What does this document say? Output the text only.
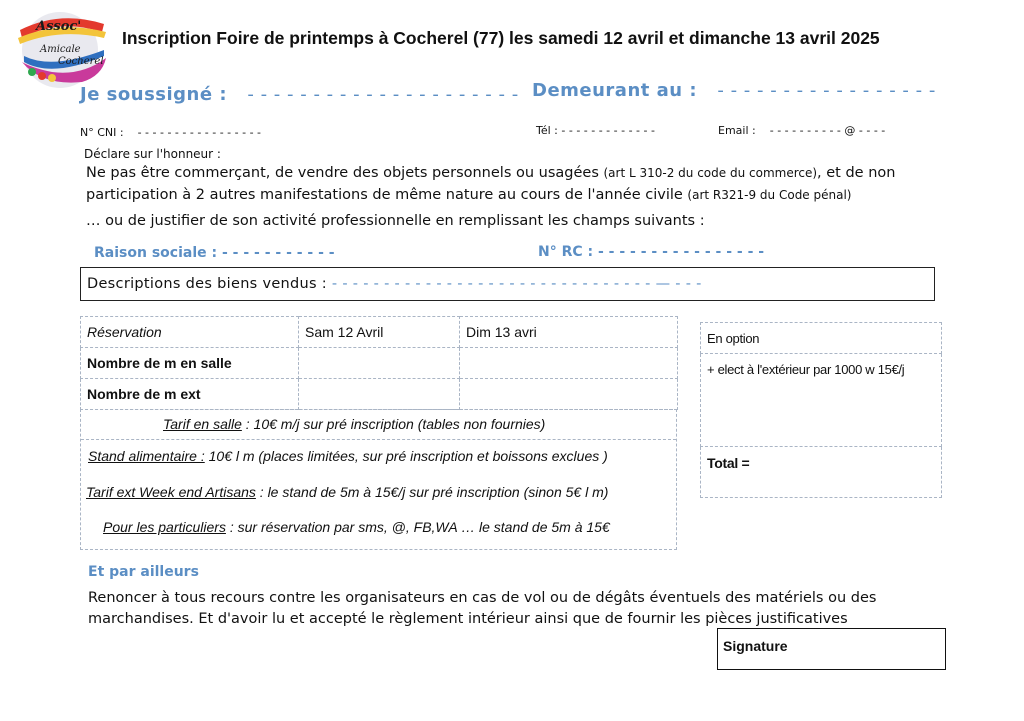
Assoc'
Amicale
Cocherel
Inscription Foire de printemps à Cocherel (77) les samedi 12 avril et dimanche 13 avril 2025
Je soussigné : - - - - - - - - - - - - - - - - - - - - - Demeurant au : - - - - - - - - - - - - - - - - -
N° CNI : - - - - - - - - - - - - - - - - -	Tél : - - - - - - - - - - - - -	Email : - - - - - - - - - - @ - - - -
Déclare sur l'honneur :
Ne pas être commerçant, de vendre des objets personnels ou usagées (art L 310-2 du code du commerce), et de non participation à 2 autres manifestations de même nature au cours de l'année civile (art R321-9 du Code pénal)
… ou de justifier de son activité professionnelle en remplissant les champs suivants :
Raison sociale : - - - - - - - - - - -	N° RC : - - - - - - - - - - - - - - - -
Descriptions des biens vendus : - - - - - - - - - - - - - - - - - - - - - - - - - - - - - - - — - - -
Réservation	Sam 12 Avril	Dim 13 avri
Nombre de m en salle		
Nombre de m ext		
Tarif en salle : 10€ m/j sur pré inscription (tables non fournies)
Stand alimentaire : 10€ l m (places limitées, sur pré inscription et boissons exclues )
Tarif ext Week end Artisans : le stand de 5m à 15€/j sur pré inscription (sinon 5€ l m)
Pour les particuliers : sur réservation par sms, @, FB,WA … le stand de 5m à 15€
En option
+ elect à l'extérieur par 1000 w 15€/j
Total =
Et par ailleurs
Renoncer à tous recours contre les organisateurs en cas de vol ou de dégâts éventuels des matériels ou des marchandises. Et d'avoir lu et accepté le règlement intérieur ainsi que de fournir les pièces justificatives
Signature
